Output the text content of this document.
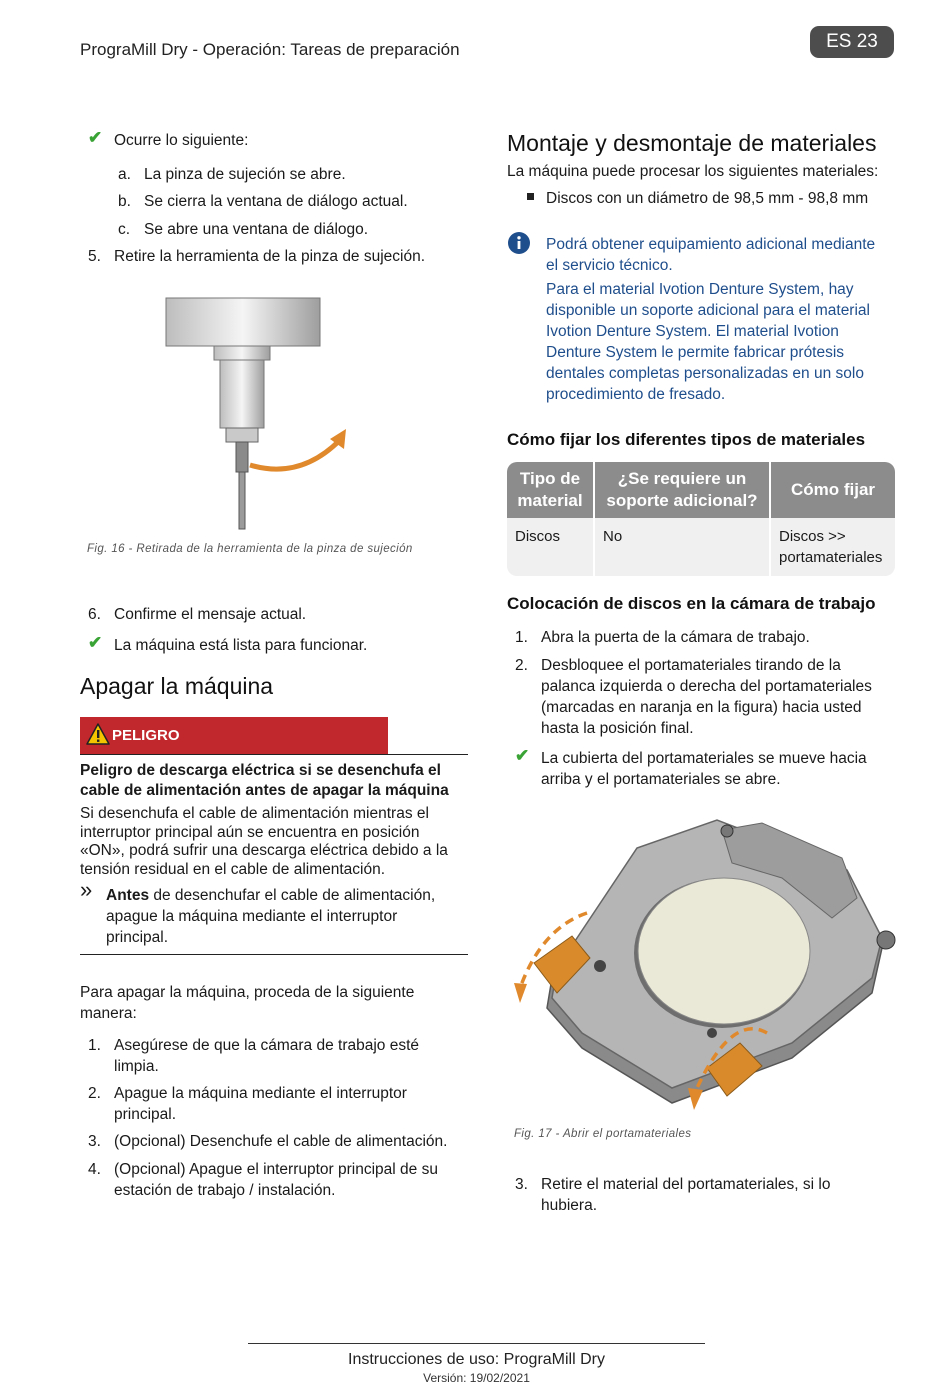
PrograMill Dry - Operación: Tareas de preparación	ES 23
✔ Ocurre lo siguiente:
a. La pinza de sujeción se abre.
b. Se cierra la ventana de diálogo actual.
c. Se abre una ventana de diálogo.
5. Retire la herramienta de la pinza de sujeción.
Fig. 16 - Retirada de la herramienta de la pinza de sujeción
6. Confirme el mensaje actual.
✔ La máquina está lista para funcionar.
Apagar la máquina
PELIGRO
Peligro de descarga eléctrica si se desenchufa el cable de alimentación antes de apagar la máquina
Si desenchufa el cable de alimentación mientras el interruptor principal aún se encuentra en posición «ON», podrá sufrir una descarga eléctrica debido a la tensión residual en el cable de alimentación.
» Antes de desenchufar el cable de alimentación, apague la máquina mediante el interruptor principal.
Para apagar la máquina, proceda de la siguiente manera:
1. Asegúrese de que la cámara de trabajo esté limpia.
2. Apague la máquina mediante el interruptor principal.
3. (Opcional) Desenchufe el cable de alimentación.
4. (Opcional) Apague el interruptor principal de su estación de trabajo / instalación.
Montaje y desmontaje de materiales
La máquina puede procesar los siguientes materiales:
Discos con un diámetro de 98,5 mm - 98,8 mm
Podrá obtener equipamiento adicional mediante el servicio técnico.
Para el material Ivotion Denture System, hay disponible un soporte adicional para el material Ivotion Denture System. El material Ivotion Denture System le permite fabricar prótesis dentales completas personalizadas en un solo procedimiento de fresado.
Cómo fijar los diferentes tipos de materiales
Tipo de material	¿Se requiere un soporte adicional?	Cómo fijar
Discos	No	Discos >> portamateriales
Colocación de discos en la cámara de trabajo
1. Abra la puerta de la cámara de trabajo.
2. Desbloquee el portamateriales tirando de la palanca izquierda o derecha del portamateriales (marcadas en naranja en la figura) hacia usted hasta la posición final.
✔ La cubierta del portamateriales se mueve hacia arriba y el portamateriales se abre.
Fig. 17 - Abrir el portamateriales
3. Retire el material del portamateriales, si lo hubiera.
Instrucciones de uso: PrograMill Dry
Versión: 19/02/2021
